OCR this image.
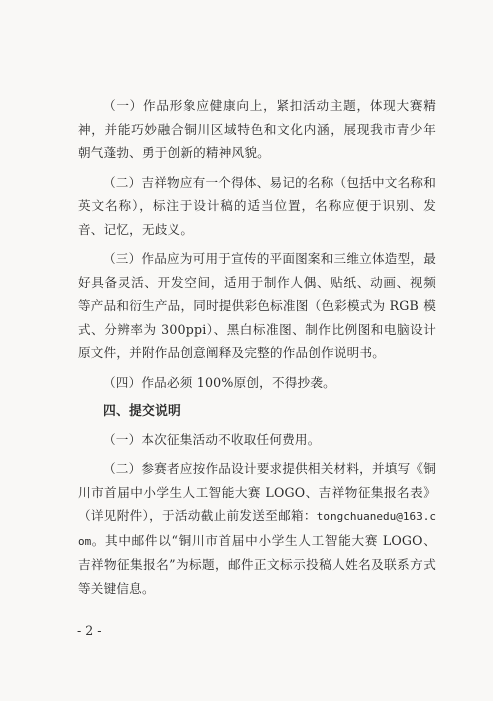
（一）作品形象应健康向上，紧扣活动主题，体现大赛精神，并能巧妙融合铜川区域特色和文化内涵，展现我市青少年朝气蓬勃、勇于创新的精神风貌。

（二）吉祥物应有一个得体、易记的名称（包括中文名称和英文名称），标注于设计稿的适当位置，名称应便于识别、发音、记忆，无歧义。

（三）作品应为可用于宣传的平面图案和三维立体造型，最好具备灵活、开发空间，适用于制作人偶、贴纸、动画、视频等产品和衍生产品，同时提供彩色标准图（色彩模式为 RGB 模式、分辨率为 300ppi）、黑白标准图、制作比例图和电脑设计原文件，并附作品创意阐释及完整的作品创作说明书。

（四）作品必须 100%原创，不得抄袭。

四、提交说明

（一）本次征集活动不收取任何费用。

（二）参赛者应按作品设计要求提供相关材料，并填写《铜川市首届中小学生人工智能大赛 LOGO、吉祥物征集报名表》（详见附件），于活动截止前发送至邮箱：tongchuanedu@163.com。其中邮件以“铜川市首届中小学生人工智能大赛 LOGO、吉祥物征集报名”为标题，邮件正文标示投稿人姓名及联系方式等关键信息。

- 2 -
